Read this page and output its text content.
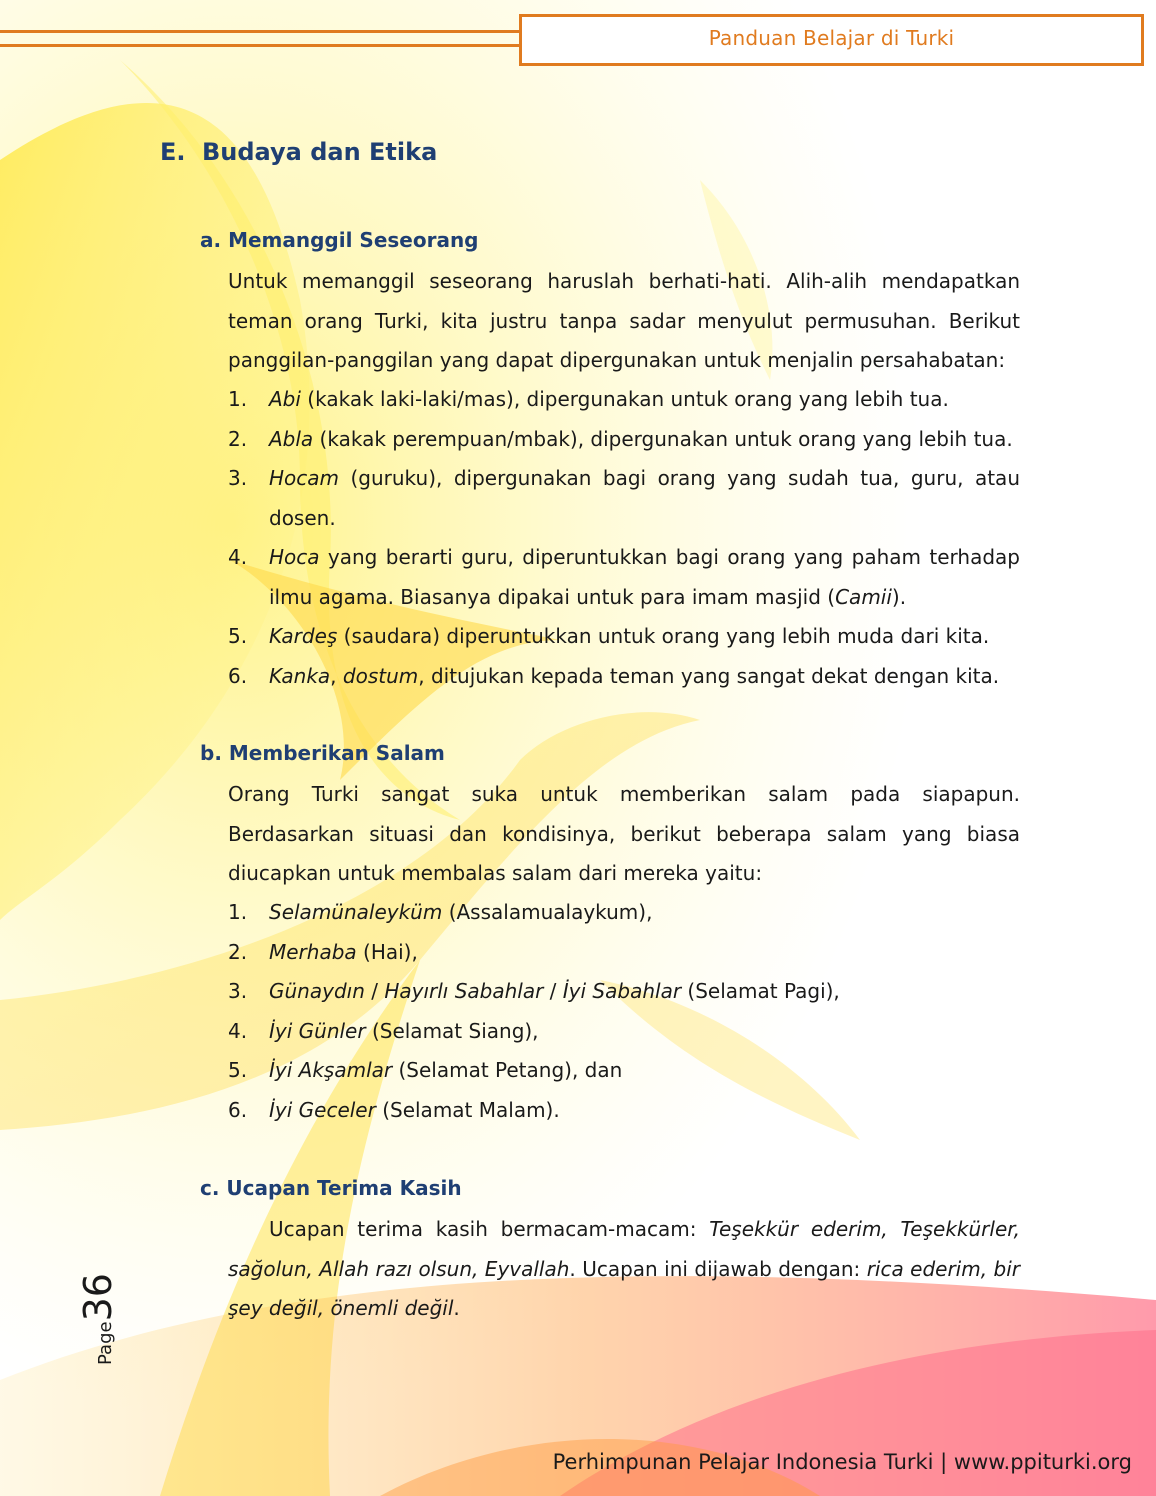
Panduan Belajar di Turki
E. Budaya dan Etika
a. Memanggil Seseorang
Untuk memanggil seseorang haruslah berhati-hati. Alih-alih mendapatkan teman orang Turki, kita justru tanpa sadar menyulut permusuhan. Berikut panggilan-panggilan yang dapat dipergunakan untuk menjalin persahabatan:
1. Abi (kakak laki-laki/mas), dipergunakan untuk orang yang lebih tua.
2. Abla (kakak perempuan/mbak), dipergunakan untuk orang yang lebih tua.
3. Hocam (guruku), dipergunakan bagi orang yang sudah tua, guru, atau dosen.
4. Hoca yang berarti guru, diperuntukkan bagi orang yang paham terhadap ilmu agama. Biasanya dipakai untuk para imam masjid (Camii).
5. Kardeş (saudara) diperuntukkan untuk orang yang lebih muda dari kita.
6. Kanka, dostum, ditujukan kepada teman yang sangat dekat dengan kita.
b. Memberikan Salam
Orang Turki sangat suka untuk memberikan salam pada siapapun. Berdasarkan situasi dan kondisinya, berikut beberapa salam yang biasa diucapkan untuk membalas salam dari mereka yaitu:
1. Selamünaleyküm (Assalamualaykum),
2. Merhaba (Hai),
3. Günaydın / Hayırlı Sabahlar / İyi Sabahlar (Selamat Pagi),
4. İyi Günler (Selamat Siang),
5. İyi Akşamlar (Selamat Petang), dan
6. İyi Geceler (Selamat Malam).
c. Ucapan Terima Kasih
Ucapan terima kasih bermacam-macam: Teşekkür ederim, Teşekkürler, sağolun, Allah razı olsun, Eyvallah. Ucapan ini dijawab dengan: rica ederim, bir şey değil, önemli değil.
Page36
Perhimpunan Pelajar Indonesia Turki | www.ppiturki.org
